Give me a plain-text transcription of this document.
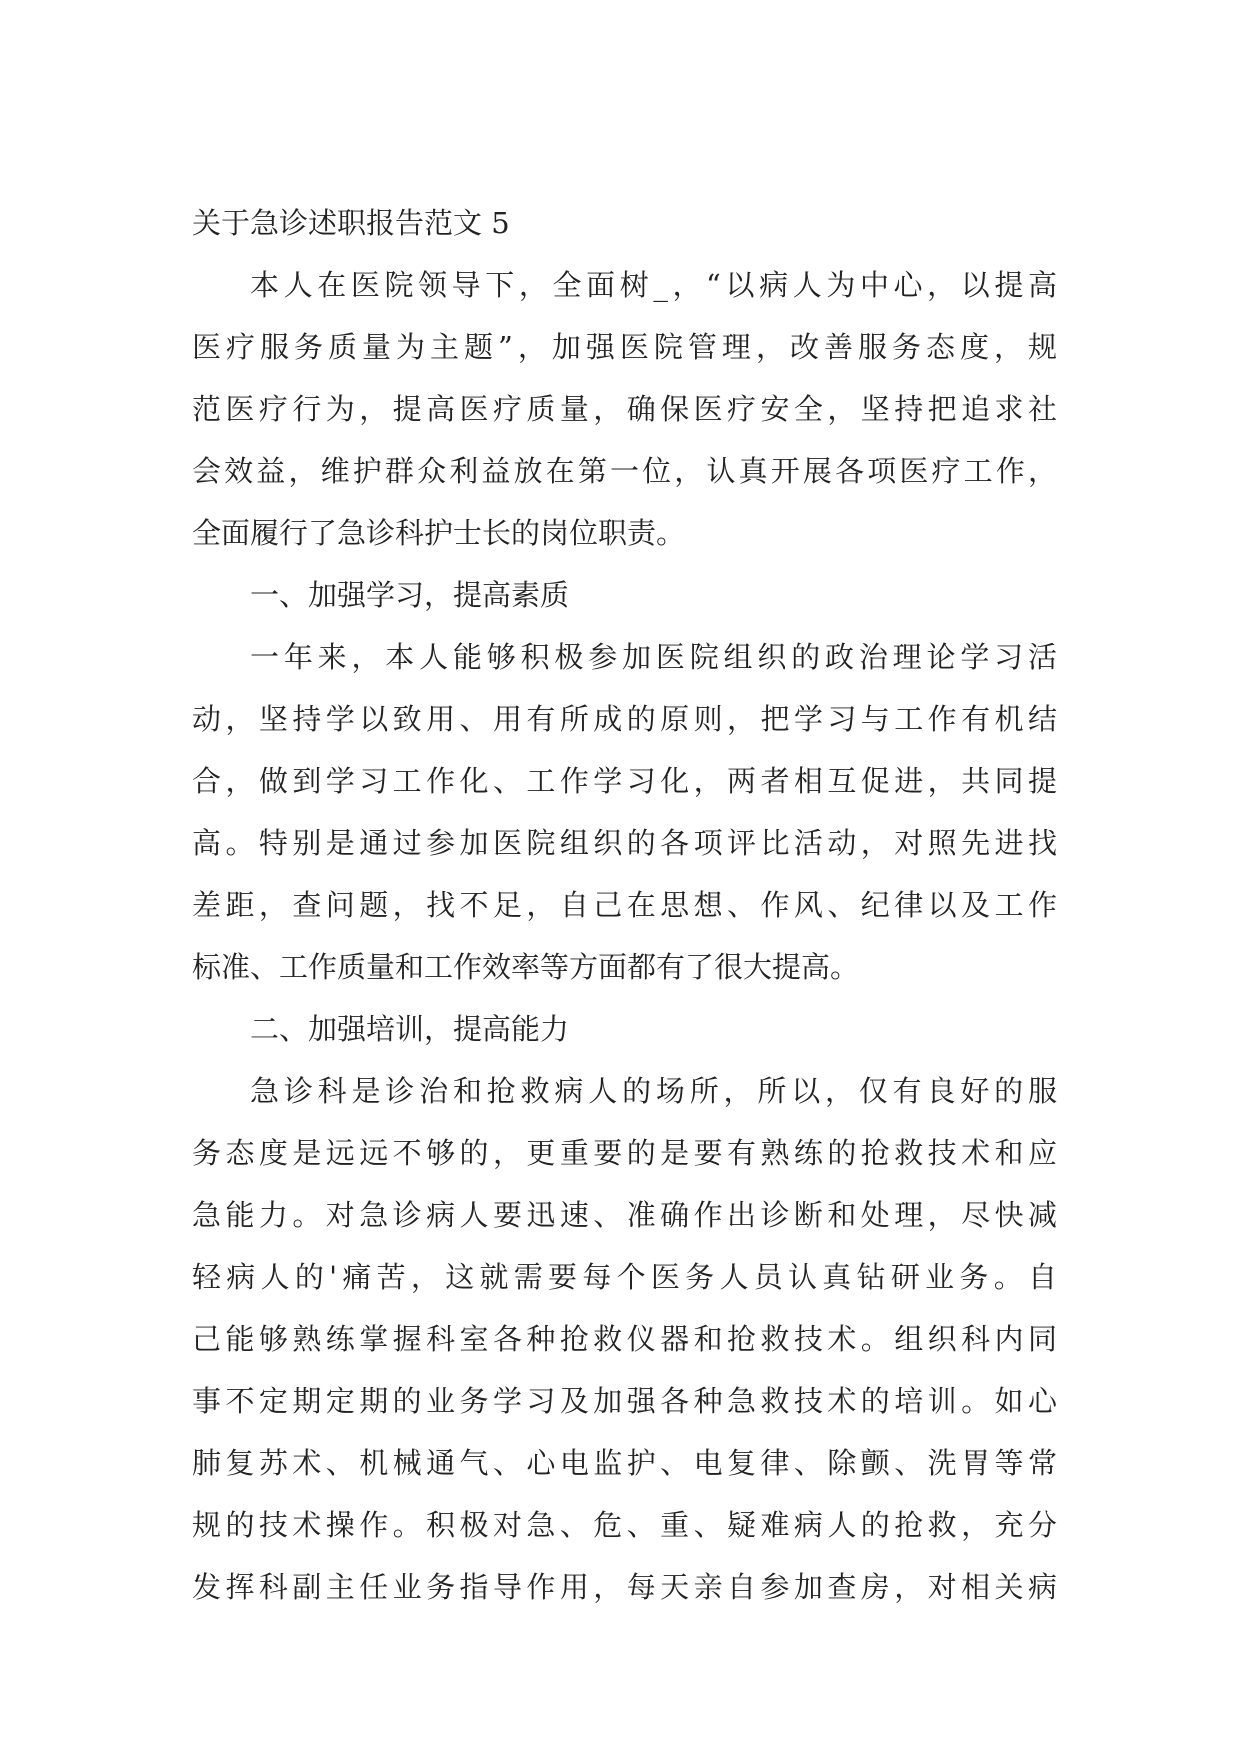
关于急诊述职报告范文 5
本人在医院领导下，全面树_，“以病人为中心，以提高
医疗服务质量为主题”，加强医院管理，改善服务态度，规
范医疗行为，提高医疗质量，确保医疗安全，坚持把追求社
会效益，维护群众利益放在第一位，认真开展各项医疗工作，
全面履行了急诊科护士长的岗位职责。
一、加强学习，提高素质
一年来，本人能够积极参加医院组织的政治理论学习活
动，坚持学以致用、用有所成的原则，把学习与工作有机结
合，做到学习工作化、工作学习化，两者相互促进，共同提
高。特别是通过参加医院组织的各项评比活动，对照先进找
差距，查问题，找不足，自己在思想、作风、纪律以及工作
标准、工作质量和工作效率等方面都有了很大提高。
二、加强培训，提高能力
急诊科是诊治和抢救病人的场所，所以，仅有良好的服
务态度是远远不够的，更重要的是要有熟练的抢救技术和应
急能力。对急诊病人要迅速、准确作出诊断和处理，尽快减
轻病人的'痛苦，这就需要每个医务人员认真钻研业务。自
己能够熟练掌握科室各种抢救仪器和抢救技术。组织科内同
事不定期定期的业务学习及加强各种急救技术的培训。如心
肺复苏术、机械通气、心电监护、电复律、除颤、洗胃等常
规的技术操作。积极对急、危、重、疑难病人的抢救，充分
发挥科副主任业务指导作用，每天亲自参加查房，对相关病
